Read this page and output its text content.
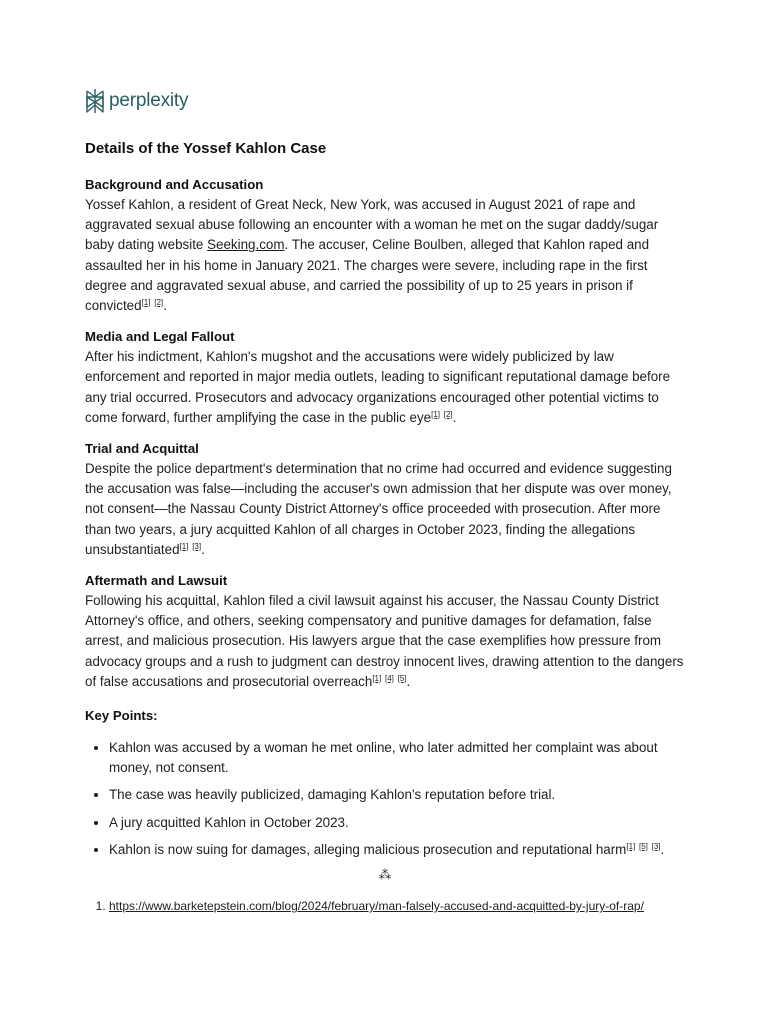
perplexity
Details of the Yossef Kahlon Case
Background and Accusation

Yossef Kahlon, a resident of Great Neck, New York, was accused in August 2021 of rape and aggravated sexual abuse following an encounter with a woman he met on the sugar daddy/sugar baby dating website Seeking.com. The accuser, Celine Boulben, alleged that Kahlon raped and assaulted her in his home in January 2021. The charges were severe, including rape in the first degree and aggravated sexual abuse, and carried the possibility of up to 25 years in prison if convicted[1] [2].

Media and Legal Fallout

After his indictment, Kahlon's mugshot and the accusations were widely publicized by law enforcement and reported in major media outlets, leading to significant reputational damage before any trial occurred. Prosecutors and advocacy organizations encouraged other potential victims to come forward, further amplifying the case in the public eye[1] [2].

Trial and Acquittal

Despite the police department's determination that no crime had occurred and evidence suggesting the accusation was false—including the accuser's own admission that her dispute was over money, not consent—the Nassau County District Attorney's office proceeded with prosecution. After more than two years, a jury acquitted Kahlon of all charges in October 2023, finding the allegations unsubstantiated[1] [3].

Aftermath and Lawsuit

Following his acquittal, Kahlon filed a civil lawsuit against his accuser, the Nassau County District Attorney's office, and others, seeking compensatory and punitive damages for defamation, false arrest, and malicious prosecution. His lawyers argue that the case exemplifies how pressure from advocacy groups and a rush to judgment can destroy innocent lives, drawing attention to the dangers of false accusations and prosecutorial overreach[1] [4] [5].

Key Points:
• Kahlon was accused by a woman he met online, who later admitted her complaint was about money, not consent.
• The case was heavily publicized, damaging Kahlon's reputation before trial.
• A jury acquitted Kahlon in October 2023.
• Kahlon is now suing for damages, alleging malicious prosecution and reputational harm[1] [5] [3].
⁂
1. https://www.barketepstein.com/blog/2024/february/man-falsely-accused-and-acquitted-by-jury-of-rap/
